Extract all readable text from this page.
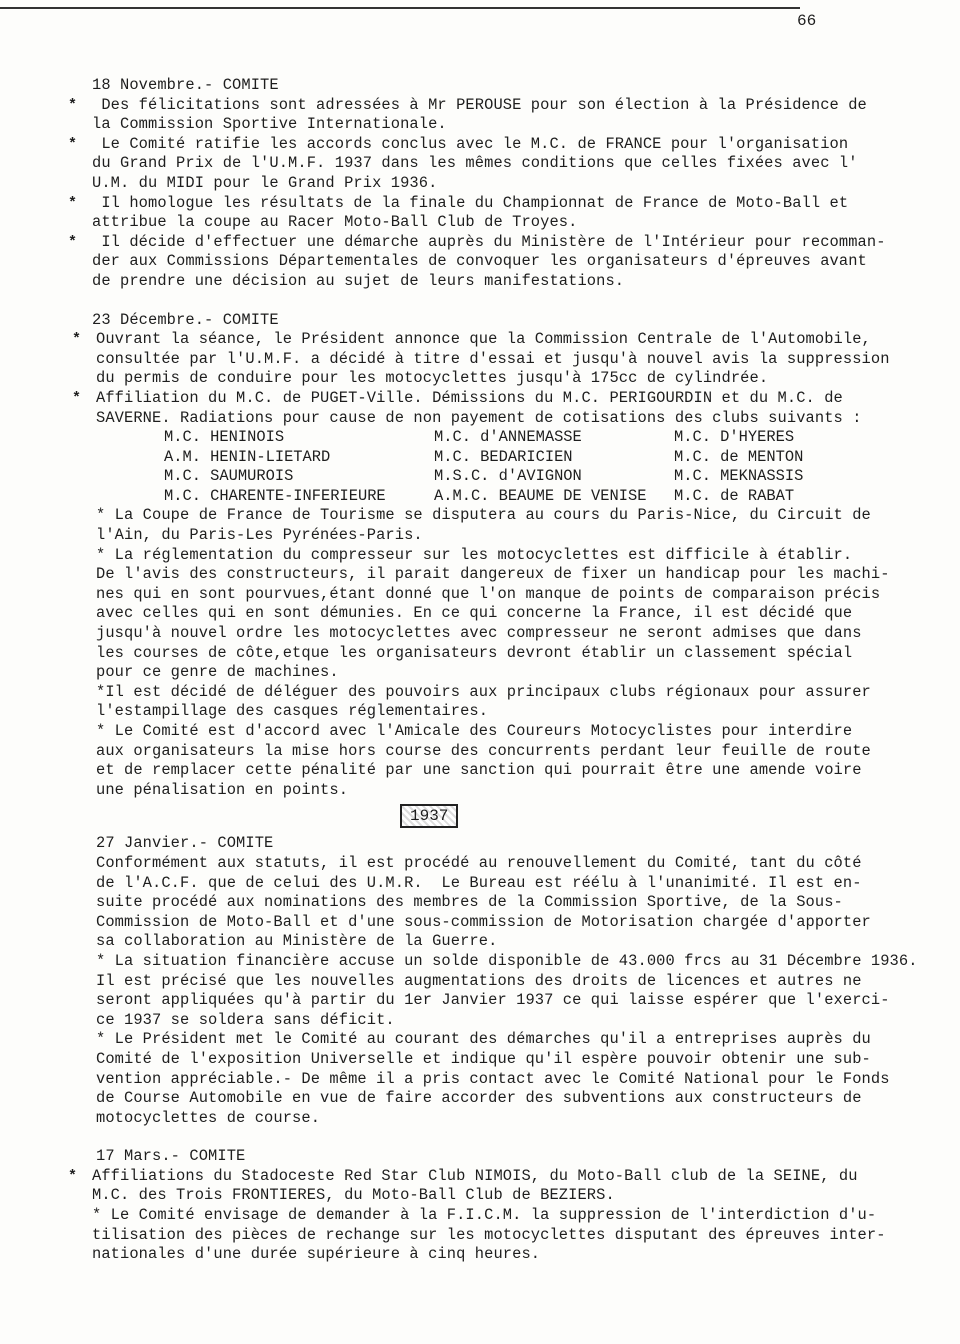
66
18 Novembre.- COMITE
* Des félicitations sont adressées à Mr PEROUSE pour son élection à la Présidence de
la Commission Sportive Internationale.
* Le Comité ratifie les accords conclus avec le M.C. de FRANCE pour l'organisation
du Grand Prix de l'U.M.F. 1937 dans les mêmes conditions que celles fixées avec l'
U.M. du MIDI pour le Grand Prix 1936.
* Il homologue les résultats de la finale du Championnat de France de Moto-Ball et
attribue la coupe au Racer Moto-Ball Club de Troyes.
* Il décide d'effectuer une démarche auprès du Ministère de l'Intérieur pour recomman-
der aux Commissions Départementales de convoquer les organisateurs d'épreuves avant
de prendre une décision au sujet de leurs manifestations.
23 Décembre.- COMITE
* Ouvrant la séance, le Président annonce que la Commission Centrale de l'Automobile,
consultée par l'U.M.F. a décidé à titre d'essai et jusqu'à nouvel avis la suppression
du permis de conduire pour les motocyclettes jusqu'à 175cc de cylindrée.
* Affiliation du M.C. de PUGET-Ville. Démissions du M.C. PERIGOURDIN et du M.C. de
SAVERNE. Radiations pour cause de non payement de cotisations des clubs suivants :
M.C. HENINOIS	M.C. d'ANNEMASSE	M.C. D'HYERES
A.M. HENIN-LIETARD	M.C. BEDARICIEN	M.C. de MENTON
M.C. SAUMUROIS	M.S.C. d'AVIGNON	M.C. MEKNASSIS
M.C. CHARENTE-INFERIEURE	A.M.C. BEAUME DE VENISE	M.C. de RABAT
* La Coupe de France de Tourisme se disputera au cours du Paris-Nice, du Circuit de
l'Ain, du Paris-Les Pyrénées-Paris.
* La réglementation du compresseur sur les motocyclettes est difficile à établir.
De l'avis des constructeurs, il parait dangereux de fixer un handicap pour les machi-
nes qui en sont pourvues,étant donné que l'on manque de points de comparaison précis
avec celles qui en sont démunies. En ce qui concerne la France, il est décidé que
jusqu'à nouvel ordre les motocyclettes avec compresseur ne seront admises que dans
les courses de côte,etque les organisateurs devront établir un classement spécial
pour ce genre de machines.
*Il est décidé de déléguer des pouvoirs aux principaux clubs régionaux pour assurer
l'estampillage des casques réglementaires.
* Le Comité est d'accord avec l'Amicale des Coureurs Motocyclistes pour interdire
aux organisateurs la mise hors course des concurrents perdant leur feuille de route
et de remplacer cette pénalité par une sanction qui pourrait être une amende voire
une pénalisation en points.
1937
27 Janvier.- COMITE
Conformément aux statuts, il est procédé au renouvellement du Comité, tant du côté
de l'A.C.F. que de celui des U.M.R.  Le Bureau est réélu à l'unanimité. Il est en-
suite procédé aux nominations des membres de la Commission Sportive, de la Sous-
Commission de Moto-Ball et d'une sous-commission de Motorisation chargée d'apporter
sa collaboration au Ministère de la Guerre.
* La situation financière accuse un solde disponible de 43.000 frcs au 31 Décembre 1936.
Il est précisé que les nouvelles augmentations des droits de licences et autres ne
seront appliquées qu'à partir du 1er Janvier 1937 ce qui laisse espérer que l'exerci-
ce 1937 se soldera sans déficit.
* Le Président met le Comité au courant des démarches qu'il a entreprises auprès du
Comité de l'exposition Universelle et indique qu'il espère pouvoir obtenir une sub-
vention appréciable.- De même il a pris contact avec le Comité National pour le Fonds
de Course Automobile en vue de faire accorder des subventions aux constructeurs de
motocyclettes de course.
17 Mars.- COMITE
* Affiliations du Stadoceste Red Star Club NIMOIS, du Moto-Ball club de la SEINE, du
M.C. des Trois FRONTIERES, du Moto-Ball Club de BEZIERS.
* Le Comité envisage de demander à la F.I.C.M. la suppression de l'interdiction d'u-
tilisation des pièces de rechange sur les motocyclettes disputant des épreuves inter-
nationales d'une durée supérieure à cinq heures.
